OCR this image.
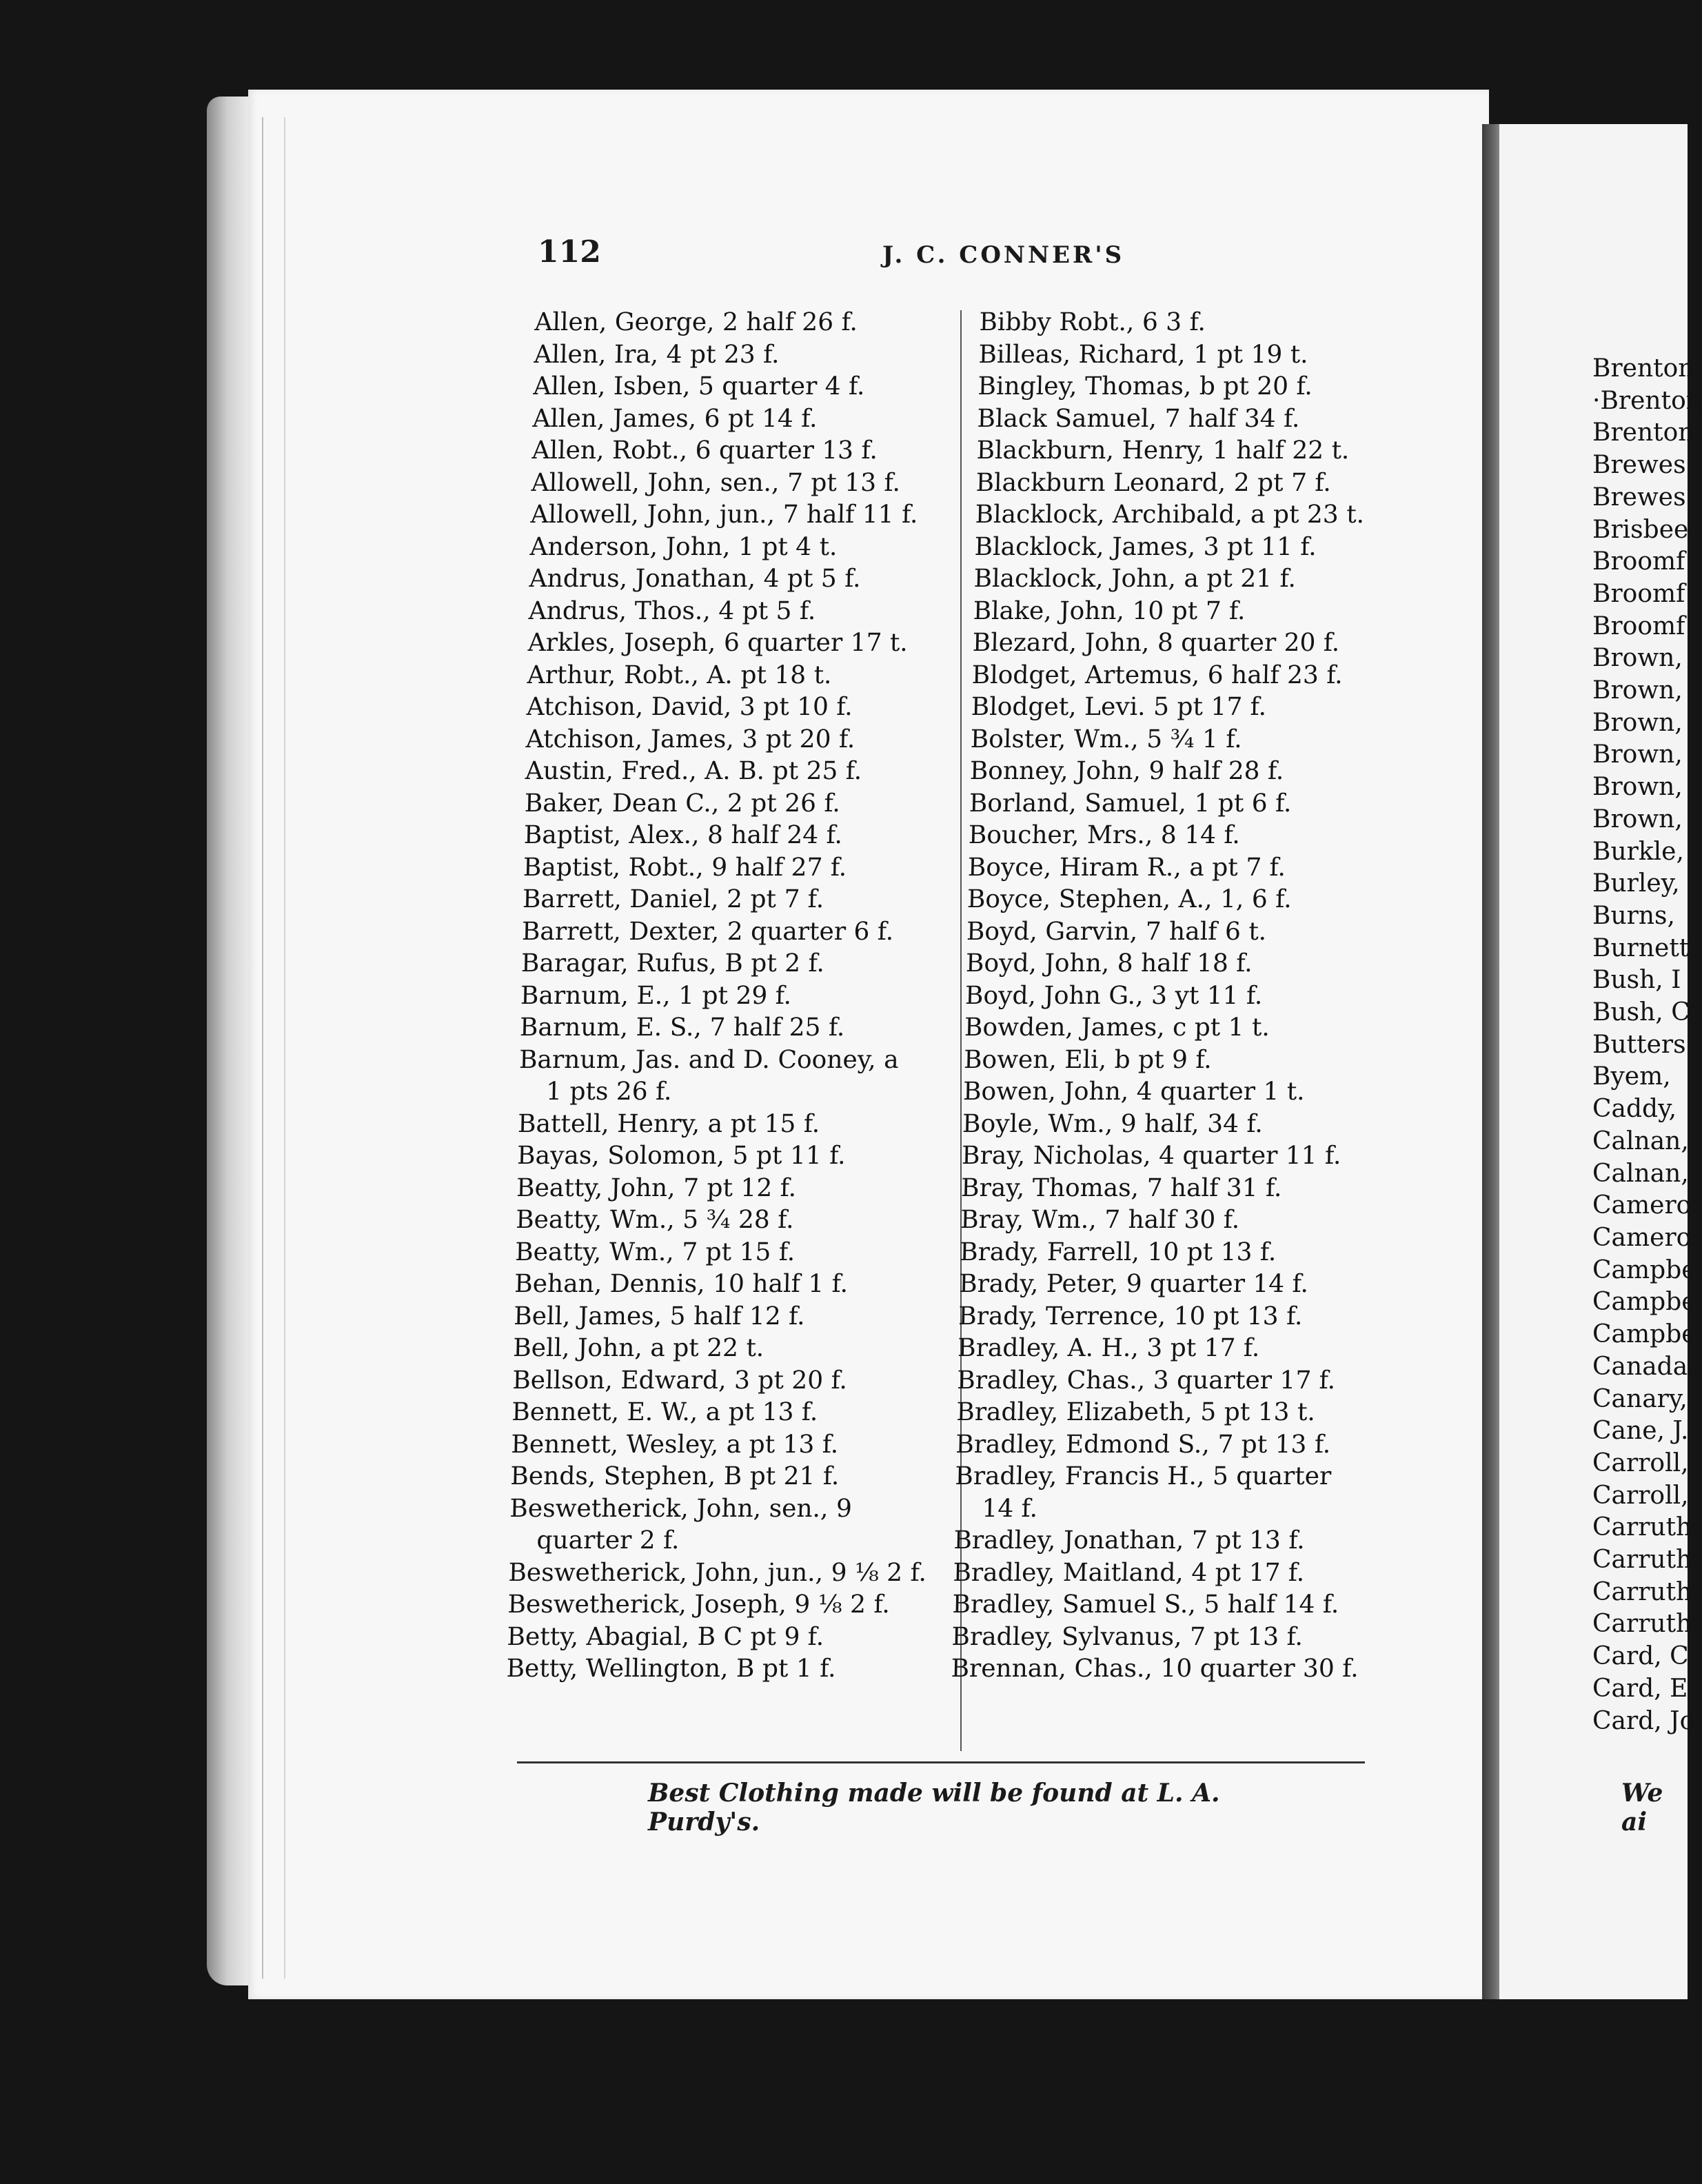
112	J. C. CONNER'S
Allen, George, 2 half 26 f.
Allen, Ira, 4 pt 23 f.
Allen, Isben, 5 quarter 4 f.
Allen, James, 6 pt 14 f.
Allen, Robt., 6 quarter 13 f.
Allowell, John, sen., 7 pt 13 f.
Allowell, John, jun., 7 half 11 f.
Anderson, John, 1 pt 4 t.
Andrus, Jonathan, 4 pt 5 f.
Andrus, Thos., 4 pt 5 f.
Arkles, Joseph, 6 quarter 17 t.
Arthur, Robt., A. pt 18 t.
Atchison, David, 3 pt 10 f.
Atchison, James, 3 pt 20 f.
Austin, Fred., A. B. pt 25 f.
Baker, Dean C., 2 pt 26 f.
Baptist, Alex., 8 half 24 f.
Baptist, Robt., 9 half 27 f.
Barrett, Daniel, 2 pt 7 f.
Barrett, Dexter, 2 quarter 6 f.
Baragar, Rufus, B pt 2 f.
Barnum, E., 1 pt 29 f.
Barnum, E. S., 7 half 25 f.
Barnum, Jas. and D. Cooney, a
1 pts 26 f.
Battell, Henry, a pt 15 f.
Bayas, Solomon, 5 pt 11 f.
Beatty, John, 7 pt 12 f.
Beatty, Wm., 5 ¾ 28 f.
Beatty, Wm., 7 pt 15 f.
Behan, Dennis, 10 half 1 f.
Bell, James, 5 half 12 f.
Bell, John, a pt 22 t.
Bellson, Edward, 3 pt 20 f.
Bennett, E. W., a pt 13 f.
Bennett, Wesley, a pt 13 f.
Bends, Stephen, B pt 21 f.
Beswetherick, John, sen., 9
quarter 2 f.
Beswetherick, John, jun., 9 ⅛ 2 f.
Beswetherick, Joseph, 9 ⅛ 2 f.
Betty, Abagial, B C pt 9 f.
Betty, Wellington, B pt 1 f.
Bibby Robt., 6 3 f.
Billeas, Richard, 1 pt 19 t.
Bingley, Thomas, b pt 20 f.
Black Samuel, 7 half 34 f.
Blackburn, Henry, 1 half 22 t.
Blackburn Leonard, 2 pt 7 f.
Blacklock, Archibald, a pt 23 t.
Blacklock, James, 3 pt 11 f.
Blacklock, John, a pt 21 f.
Blake, John, 10 pt 7 f.
Blezard, John, 8 quarter 20 f.
Blodget, Artemus, 6 half 23 f.
Blodget, Levi. 5 pt 17 f.
Bolster, Wm., 5 ¾ 1 f.
Bonney, John, 9 half 28 f.
Borland, Samuel, 1 pt 6 f.
Boucher, Mrs., 8 14 f.
Boyce, Hiram R., a pt 7 f.
Boyce, Stephen, A., 1, 6 f.
Boyd, Garvin, 7 half 6 t.
Boyd, John, 8 half 18 f.
Boyd, John G., 3 yt 11 f.
Bowden, James, c pt 1 t.
Bowen, Eli, b pt 9 f.
Bowen, John, 4 quarter 1 t.
Boyle, Wm., 9 half, 34 f.
Bray, Nicholas, 4 quarter 11 f.
Bray, Thomas, 7 half 31 f.
Bray, Wm., 7 half 30 f.
Brady, Farrell, 10 pt 13 f.
Brady, Peter, 9 quarter 14 f.
Brady, Terrence, 10 pt 13 f.
Bradley, A. H., 3 pt 17 f.
Bradley, Chas., 3 quarter 17 f.
Bradley, Elizabeth, 5 pt 13 t.
Bradley, Edmond S., 7 pt 13 f.
Bradley, Francis H., 5 quarter
14 f.
Bradley, Jonathan, 7 pt 13 f.
Bradley, Maitland, 4 pt 17 f.
Bradley, Samuel S., 5 half 14 f.
Bradley, Sylvanus, 7 pt 13 f.
Brennan, Chas., 10 quarter 30 f.
Brenton
·Brenton
Brenton
Brewes
Brewes
Brisbee
Broomf
Broomf
Broomf
Brown,
Brown,
Brown,
Brown,
Brown,
Brown,
Burkle,
Burley,
Burns,
Burnett
Bush, I
Bush, C
Butters
Byem,
Caddy,
Calnan,
Calnan,
Camero
Camero
Campbe
Campbe
Campbe
Canada,
Canary,
Cane, J.
Carroll,
Carroll,
Carruth
Carruth
Carruth
Carruth
Card, C
Card, E
Card, Jo
Best Clothing made will be found at L. A. Purdy's.
We ai
